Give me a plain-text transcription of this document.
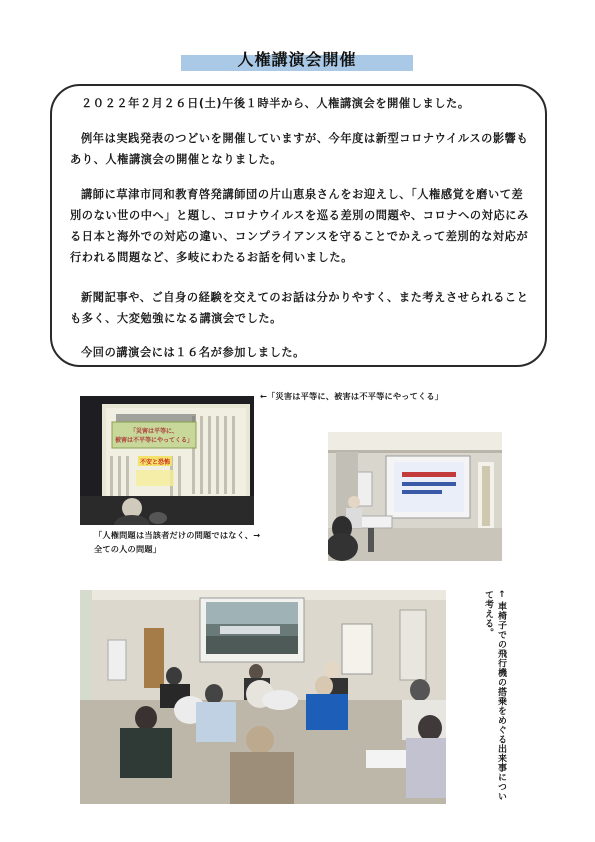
人権講演会開催
２０２２年２月２６日(土)午後１時半から、人権講演会を開催しました。
例年は実践発表のつどいを開催していますが、今年度は新型コロナウイルスの影響もあり、人権講演会の開催となりました。
講師に草津市同和教育啓発講師団の片山恵泉さんをお迎えし、「人権感覚を磨いて差別のない世の中へ」と題し、コロナウイルスを巡る差別の問題や、コロナへの対応にみる日本と海外での対応の違い、コンプライアンスを守ることでかえって差別的な対応が行われる問題など、多岐にわたるお話を伺いました。
新聞記事や、ご自身の経験を交えてのお話は分かりやすく、また考えさせられることも多く、大変勉強になる講演会でした。
今回の講演会には１６名が参加しました。
「災害は平等に、
被害は不平等にやってくる」
不安と恐怖
←「災害は平等に、被害は不平等にやってくる」
「人権問題は当該者だけの問題ではなく、→
全ての人の問題」
← 車椅子での飛行機の搭乗をめぐる出来事について考える。
